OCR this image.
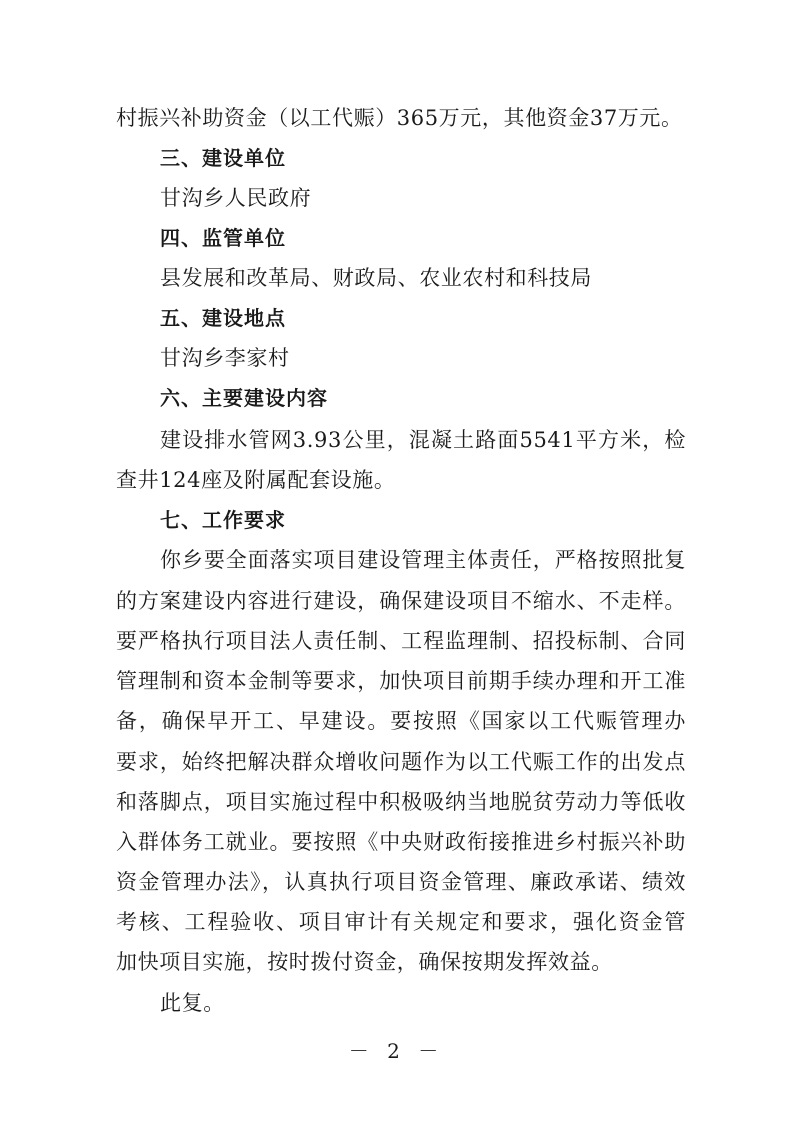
村振兴补助资金（以工代赈）365万元，其他资金37万元。
三、建设单位
甘沟乡人民政府
四、监管单位
县发展和改革局、财政局、农业农村和科技局
五、建设地点
甘沟乡李家村
六、主要建设内容
建设排水管网3.93公里，混凝土路面5541平方米，检
查井124座及附属配套设施。
七、工作要求
你乡要全面落实项目建设管理主体责任，严格按照批复
的方案建设内容进行建设，确保建设项目不缩水、不走样。
要严格执行项目法人责任制、工程监理制、招投标制、合同
管理制和资本金制等要求，加快项目前期手续办理和开工准
备，确保早开工、早建设。要按照《国家以工代赈管理办
要求，始终把解决群众增收问题作为以工代赈工作的出发点
和落脚点，项目实施过程中积极吸纳当地脱贫劳动力等低收
入群体务工就业。要按照《中央财政衔接推进乡村振兴补助
资金管理办法》，认真执行项目资金管理、廉政承诺、绩效
考核、工程验收、项目审计有关规定和要求，强化资金管
加快项目实施，按时拨付资金，确保按期发挥效益。
此复。
－ 2 －
